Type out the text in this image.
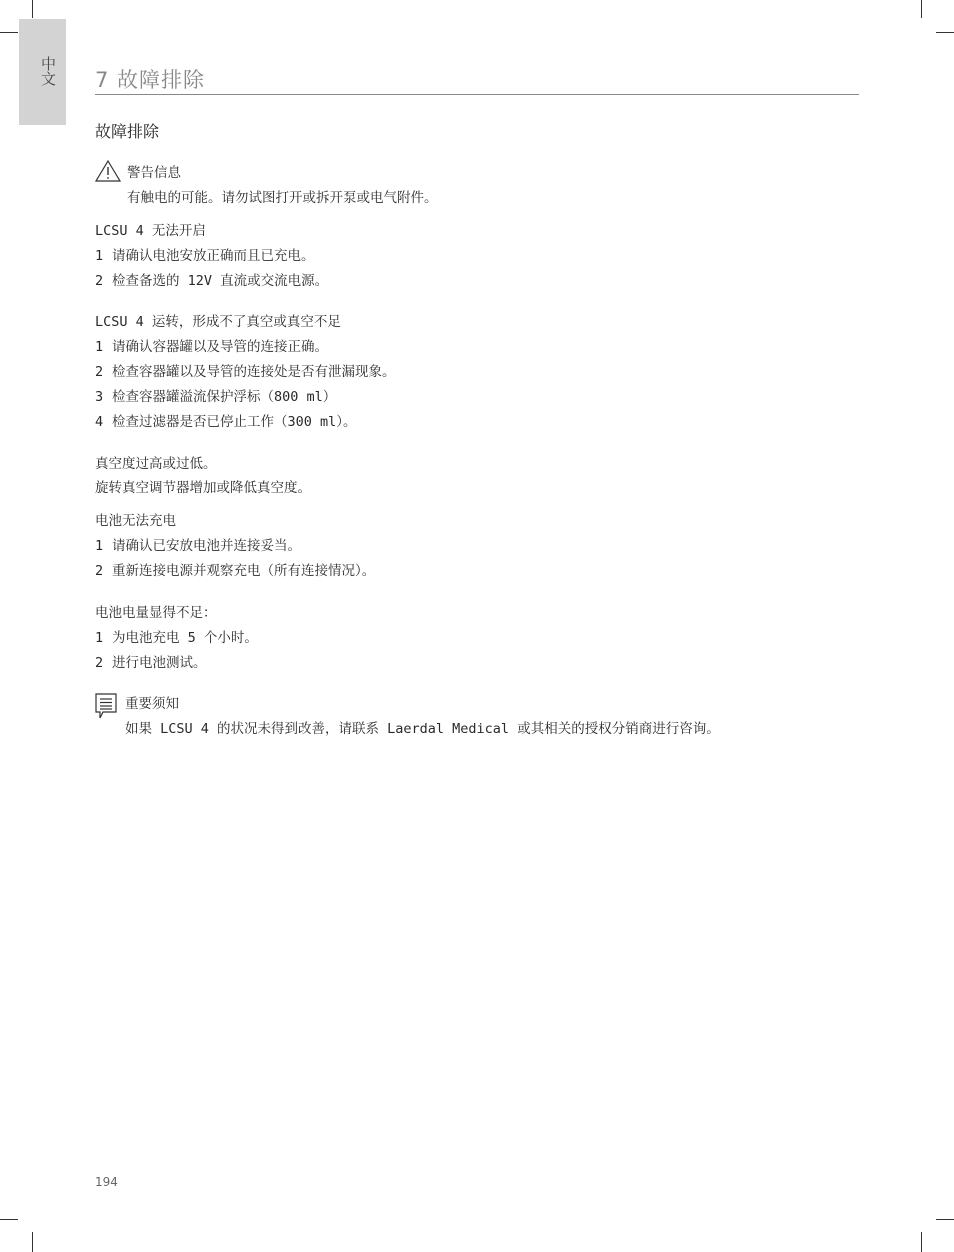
中文 7 故障排除
故障排除
警告信息
有触电的可能。请勿试图打开或拆开泵或电气附件。
LCSU 4 无法开启
1 请确认电池安放正确而且已充电。
2 检查备选的 12V 直流或交流电源。
LCSU 4 运转，形成不了真空或真空不足
1 请确认容器罐以及导管的连接正确。
2 检查容器罐以及导管的连接处是否有泄漏现象。
3 检查容器罐溢流保护浮标（800 ml）
4 检查过滤器是否已停止工作（300 ml）。
真空度过高或过低。
旋转真空调节器增加或降低真空度。
电池无法充电
1 请确认已安放电池并连接妥当。
2 重新连接电源并观察充电（所有连接情况）。
电池电量显得不足：
1 为电池充电 5 个小时。
2 进行电池测试。
重要须知
如果 LCSU 4 的状况未得到改善，请联系 Laerdal Medical 或其相关的授权分销商进行咨询。
194
